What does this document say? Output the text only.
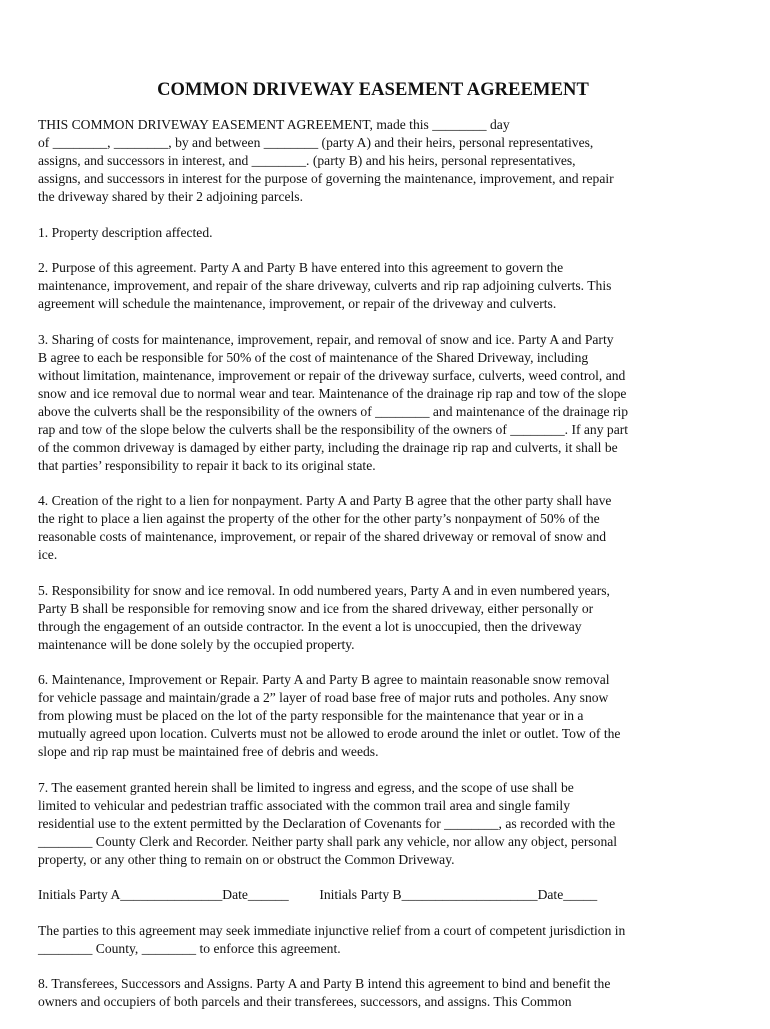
COMMON DRIVEWAY EASEMENT AGREEMENT
THIS COMMON DRIVEWAY EASEMENT AGREEMENT, made this ________ day
of ________, ________, by and between ________ (party A) and their heirs, personal representatives,
assigns, and successors in interest, and ________. (party B) and his heirs, personal representatives,
assigns, and successors in interest for the purpose of governing the maintenance, improvement, and repair
the driveway shared by their 2 adjoining parcels.
1. Property description affected.
2. Purpose of this agreement. Party A and Party B have entered into this agreement to govern the
maintenance, improvement, and repair of the share driveway, culverts and rip rap adjoining culverts. This
agreement will schedule the maintenance, improvement, or repair of the driveway and culverts.
3. Sharing of costs for maintenance, improvement, repair, and removal of snow and ice. Party A and Party
B agree to each be responsible for 50% of the cost of maintenance of the Shared Driveway, including
without limitation, maintenance, improvement or repair of the driveway surface, culverts, weed control, and
snow and ice removal due to normal wear and tear. Maintenance of the drainage rip rap and tow of the slope
above the culverts shall be the responsibility of the owners of ________ and maintenance of the drainage rip
rap and tow of the slope below the culverts shall be the responsibility of the owners of ________. If any part
of the common driveway is damaged by either party, including the drainage rip rap and culverts, it shall be
that parties’ responsibility to repair it back to its original state.
4. Creation of the right to a lien for nonpayment. Party A and Party B agree that the other party shall have
the right to place a lien against the property of the other for the other party’s nonpayment of 50% of the
reasonable costs of maintenance, improvement, or repair of the shared driveway or removal of snow and
ice.
5. Responsibility for snow and ice removal. In odd numbered years, Party A and in even numbered years,
Party B shall be responsible for removing snow and ice from the shared driveway, either personally or
through the engagement of an outside contractor. In the event a lot is unoccupied, then the driveway
maintenance will be done solely by the occupied property.
6. Maintenance, Improvement or Repair. Party A and Party B agree to maintain reasonable snow removal
for vehicle passage and maintain/grade a 2” layer of road base free of major ruts and potholes. Any snow
from plowing must be placed on the lot of the party responsible for the maintenance that year or in a
mutually agreed upon location. Culverts must not be allowed to erode around the inlet or outlet. Tow of the
slope and rip rap must be maintained free of debris and weeds.
7. The easement granted herein shall be limited to ingress and egress, and the scope of use shall be
limited to vehicular and pedestrian traffic associated with the common trail area and single family
residential use to the extent permitted by the Declaration of Covenants for ________, as recorded with the
________ County Clerk and Recorder. Neither party shall park any vehicle, nor allow any object, personal
property, or any other thing to remain on or obstruct the Common Driveway.
Initials Party A_______________Date______ Initials Party B____________________Date_____
The parties to this agreement may seek immediate injunctive relief from a court of competent jurisdiction in
________ County, ________ to enforce this agreement.
8. Transferees, Successors and Assigns. Party A and Party B intend this agreement to bind and benefit the
owners and occupiers of both parcels and their transferees, successors, and assigns. This Common
